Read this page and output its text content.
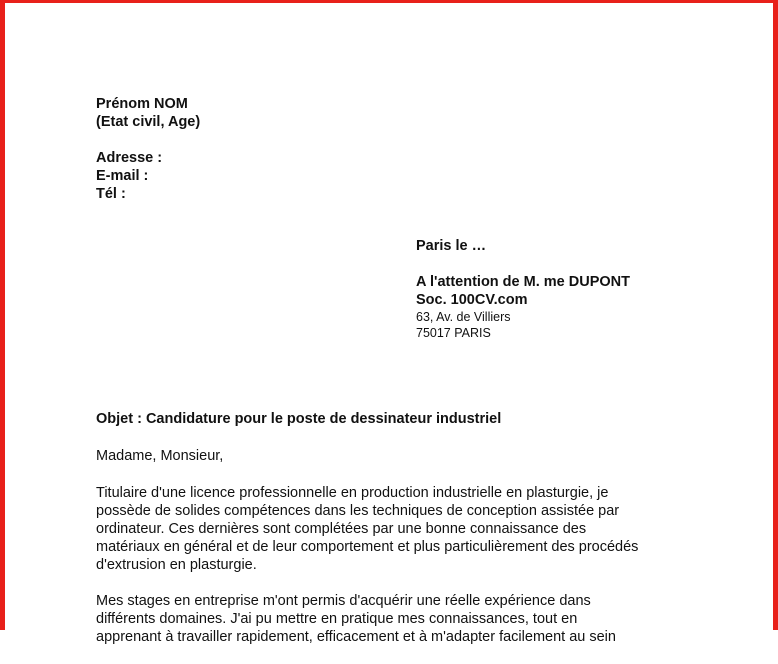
Prénom NOM
(Etat civil, Age)
Adresse :
E-mail :
Tél :
Paris le …
A l'attention de M. me DUPONT
Soc. 100CV.com
63, Av. de Villiers
75017 PARIS
Objet : Candidature pour le poste de dessinateur industriel
Madame, Monsieur,
Titulaire d'une licence professionnelle en production industrielle en plasturgie, je
possède de solides compétences dans les techniques de conception assistée par
ordinateur. Ces dernières sont complétées par une bonne connaissance des
matériaux en général et de leur comportement et plus particulièrement des procédés
d'extrusion en plasturgie.
Mes stages en entreprise m'ont permis d'acquérir une réelle expérience dans
différents domaines. J'ai pu mettre en pratique mes connaissances, tout en
apprenant à travailler rapidement, efficacement et à m'adapter facilement au sein
